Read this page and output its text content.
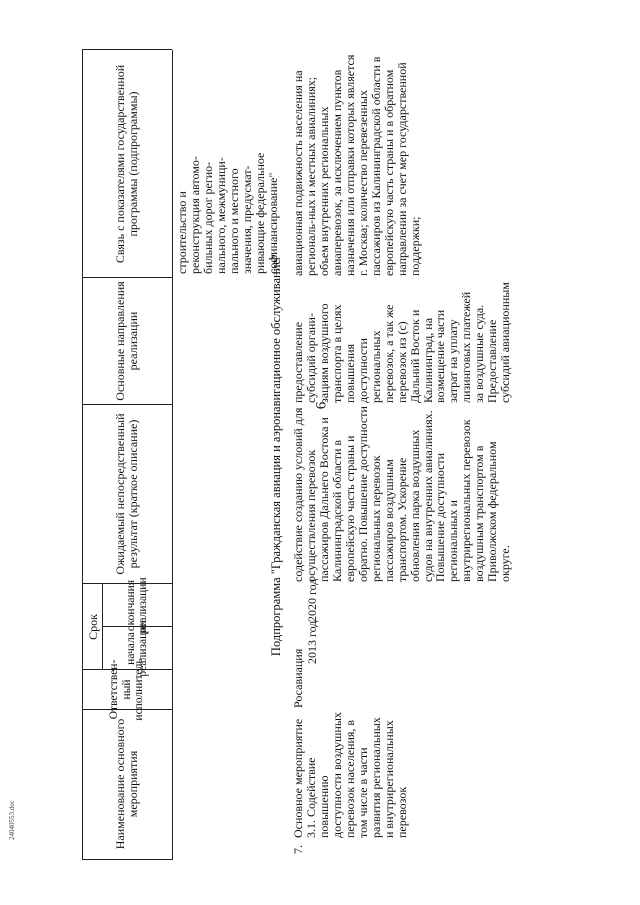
6
24040553.doc	Наименование основного мероприятия
Ответствен-ный исполнитель
Срок
начала реализации
окончания реализации
Ожидаемый непосредственный результат (краткое описание)
Основные направления реализации
Связь с показателями государственной программы (подпрограммы)	строительство и реконструкция автомо-бильных дорог регио-нального, межмуници-пального и местного значения, предусмат-ривающие федеральное софинансирование"
Подпрограмма "Гражданская авиация и аэронавигационное обслуживание"
7.
Основное мероприятие 3.1. Содействие повышению доступности воздушных перевозок населения, в том числе в части развития региональных и внутрирегиональных перевозок
Росавиация
2013 год
2020 год
содействие созданию условий для осуществления перевозок пассажиров Дальнего Востока и Калининградской области в европейскую часть страны и обратно. Повышение доступности региональных перевозок пассажиров воздушным транспортом. Ускорение обновления парка воздушных судов на внутренних авиалиниях. Повышение доступности региональных и внутрирегиональных перевозок воздушным транспортом в Приволжском федеральном округе.
предоставление субсидий органи-зациям воздушного транспорта в целях повышения доступности региональных перевозок, а так же перевозок из (с) Дальний Восток и Калининград, на возмещение части затрат на уплату лизинговых платежей за воздушные суда. Предоставление субсидий авиационным
авиационная подвижность населения на региональ-ных и местных авиалиниях; объем внутренних региональных авиаперевозок, за исключением пунктов назначения или отправки которых является г. Москва; количество перевезенных пассажиров из Калининградской области в европейскую часть страны и в обратном направлении за счет мер государственной поддержки;
